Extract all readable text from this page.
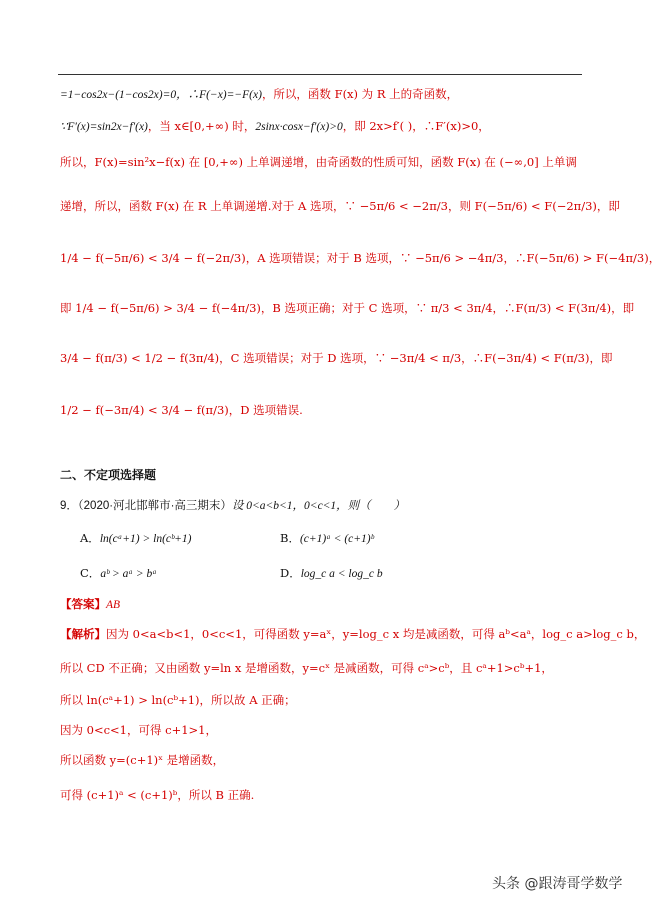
=1−cos2x−(1−cos2x)=0，∴F(−x)=−F(x)，所以，函数 F(x) 为 R 上的奇函数，
∵F′(x)=sin2x−f′(x)，当 x∈[0,+∞) 时，2sinx·cosx−f′(x)>0，即 2x>f′( )，∴F′(x)>0，
所以，F(x)=sin²x−f(x) 在 [0,+∞) 上单调递增，由奇函数的性质可知，函数 F(x) 在 (−∞,0] 上单调
递增，所以，函数 F(x) 在 R 上单调递增.对于 A 选项，∵ −5π/6 < −2π/3，则 F(−5π/6) < F(−2π/3)，即
1/4 − f(−5π/6) < 3/4 − f(−2π/3)，A 选项错误；对于 B 选项，∵ −5π/6 > −4π/3，∴F(−5π/6) > F(−4π/3)，
即 1/4 − f(−5π/6) > 3/4 − f(−4π/3)，B 选项正确；对于 C 选项，∵ π/3 < 3π/4，∴F(π/3) < F(3π/4)，即
3/4 − f(π/3) < 1/2 − f(3π/4)，C 选项错误；对于 D 选项，∵ −3π/4 < π/3，∴F(−3π/4) < F(π/3)，即
1/2 − f(−3π/4) < 3/4 − f(π/3)，D 选项错误.
二、不定项选择题
9．（2020·河北邯郸市·高三期末）设 0<a<b<1，0<c<1，则（　　）
A．ln(cᵃ+1) > ln(cᵇ+1)	B．(c+1)ᵃ < (c+1)ᵇ
C．aᵇ > aᵃ > bᵃ	D．log_c a < log_c b
【答案】AB
【解析】因为 0<a<b<1，0<c<1，可得函数 y=aˣ，y=log_c x 均是减函数，可得 aᵇ<aᵃ，log_c a>log_c b，
所以 CD 不正确；又由函数 y=ln x 是增函数，y=cˣ 是减函数，可得 cᵃ>cᵇ，且 cᵃ+1>cᵇ+1，
所以 ln(cᵃ+1) > ln(cᵇ+1)，所以故 A 正确；
因为 0<c<1，可得 c+1>1，
所以函数 y=(c+1)ˣ 是增函数，
可得 (c+1)ᵃ < (c+1)ᵇ，所以 B 正确.
头条 @跟涛哥学数学
